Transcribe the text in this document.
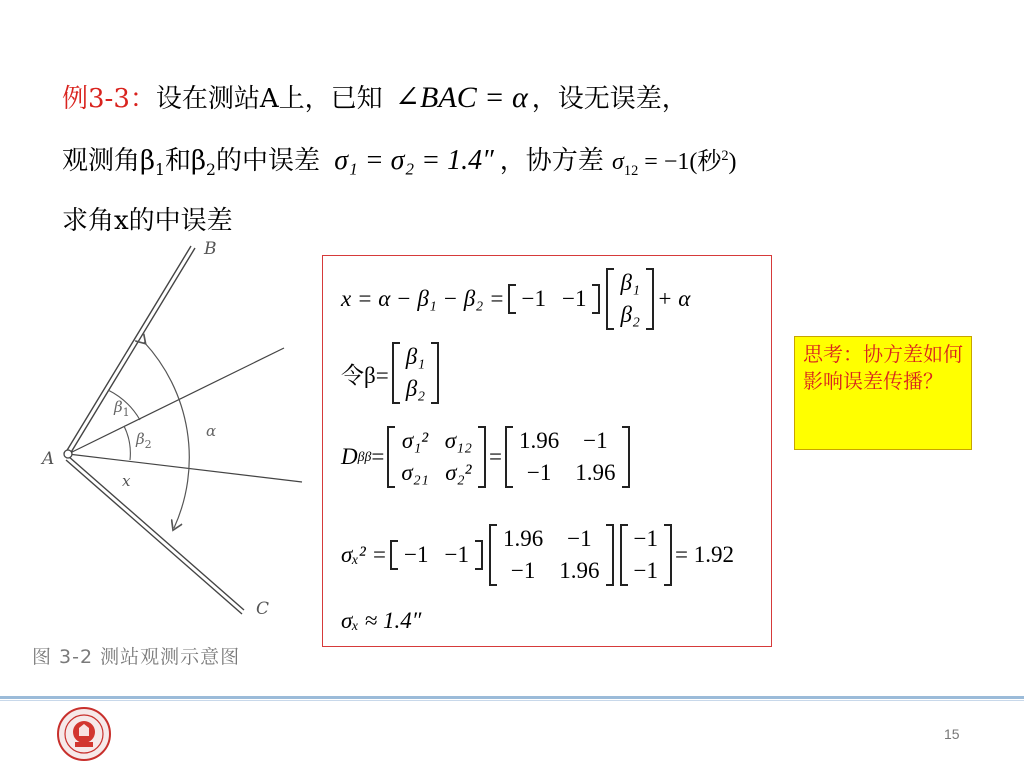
例3-3：设在测站A上，已知 ∠BAC = α ，设无误差，
观测角$\beta_1$和$\beta_2$的中误差 σ₁ = σ₂ = 1.4″ ，协方差 $\sigma_{12} = -1$(秒$^2$)
求角x的中误差
B
C
A
$\beta_1$
$\beta_2$
α
x
图 3-2 测站观测示意图
x = α − β₁ − β₂ = −1 −1
β₁
β₂
+ α
令β=
β₁
β₂
D ββ =
σ₁² σ₁₂
σ₂₁ σ₂²
=
1.96	−1
−1	1.96
σₓ² = −1 −1
1.96	−1
−1	1.96
−1
−1
= 1.92
σₓ ≈ 1.4″
思考：协方差如何影响误差传播？
15
